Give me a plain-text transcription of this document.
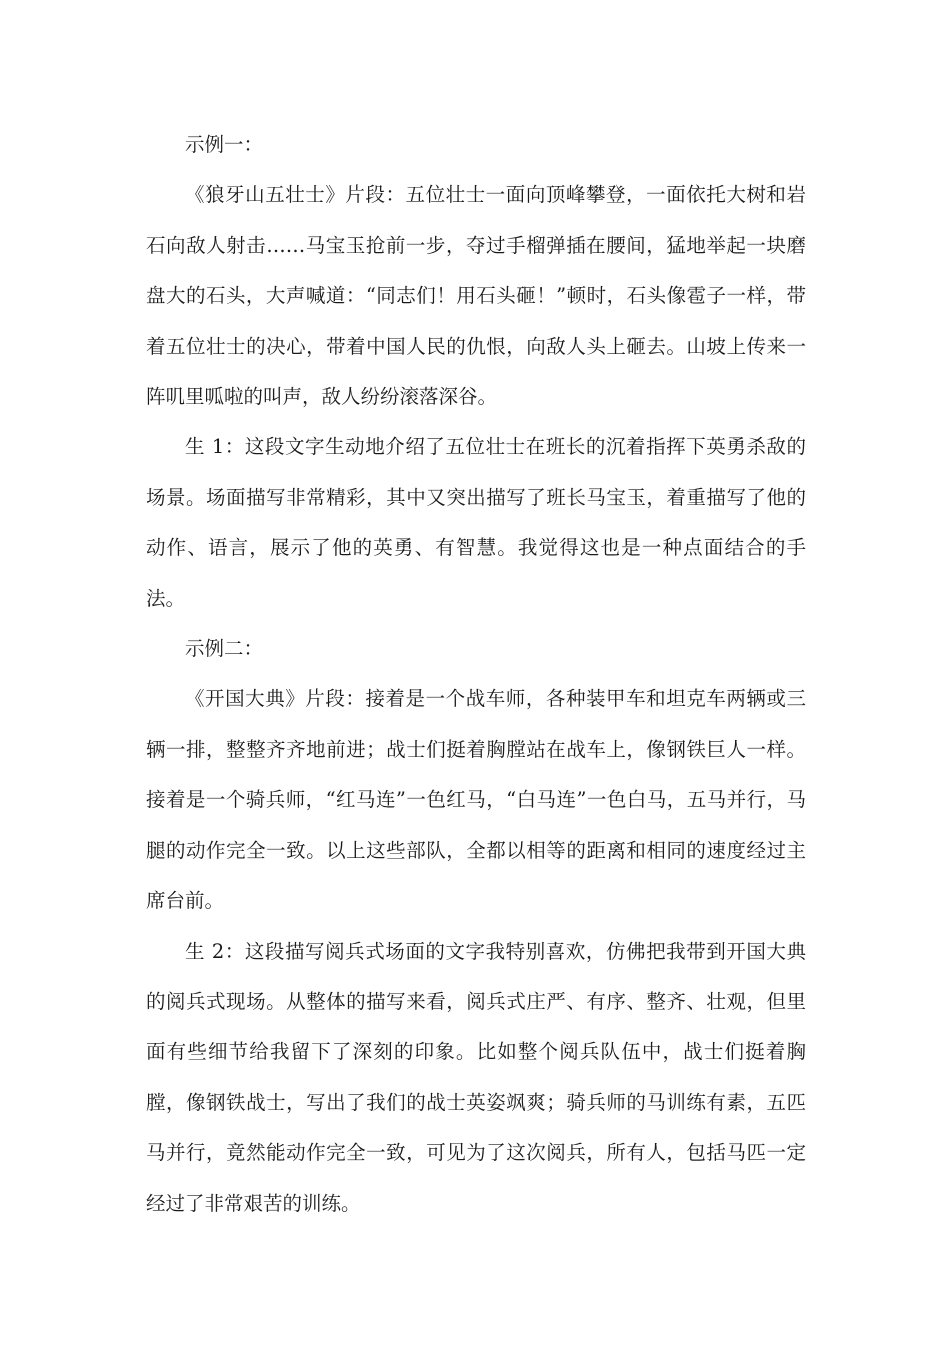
示例一：

《狼牙山五壮士》片段：五位壮士一面向顶峰攀登，一面依托大树和岩石向敌人射击……马宝玉抢前一步，夺过手榴弹插在腰间，猛地举起一块磨盘大的石头，大声喊道：“同志们！用石头砸！”顿时，石头像雹子一样，带着五位壮士的决心，带着中国人民的仇恨，向敌人头上砸去。山坡上传来一阵叽里呱啦的叫声，敌人纷纷滚落深谷。

生 1：这段文字生动地介绍了五位壮士在班长的沉着指挥下英勇杀敌的场景。场面描写非常精彩，其中又突出描写了班长马宝玉，着重描写了他的动作、语言，展示了他的英勇、有智慧。我觉得这也是一种点面结合的手法。

示例二：

《开国大典》片段：接着是一个战车师，各种装甲车和坦克车两辆或三辆一排，整整齐齐地前进；战士们挺着胸膛站在战车上，像钢铁巨人一样。接着是一个骑兵师，“红马连”一色红马，“白马连”一色白马，五马并行，马腿的动作完全一致。以上这些部队，全都以相等的距离和相同的速度经过主席台前。

生 2：这段描写阅兵式场面的文字我特别喜欢，仿佛把我带到开国大典的阅兵式现场。从整体的描写来看，阅兵式庄严、有序、整齐、壮观，但里面有些细节给我留下了深刻的印象。比如整个阅兵队伍中，战士们挺着胸膛，像钢铁战士，写出了我们的战士英姿飒爽；骑兵师的马训练有素，五匹马并行，竟然能动作完全一致，可见为了这次阅兵，所有人，包括马匹一定经过了非常艰苦的训练。
